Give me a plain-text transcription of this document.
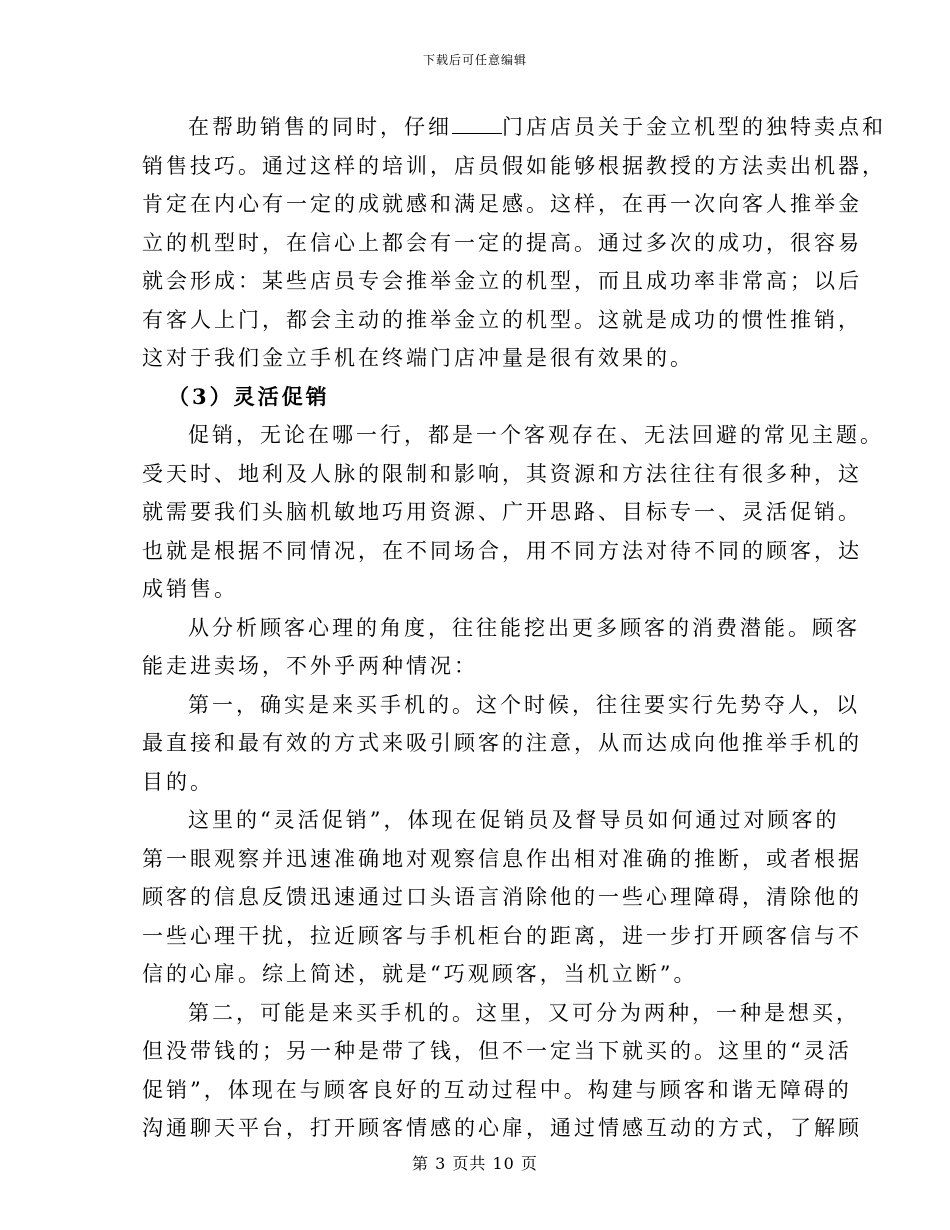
下载后可任意编辑
在帮助销售的同时，仔细 门店店员关于金立机型的独特卖点和
销售技巧。通过这样的培训，店员假如能够根据教授的方法卖出机器，
肯定在内心有一定的成就感和满足感。这样，在再一次向客人推举金
立的机型时，在信心上都会有一定的提高。通过多次的成功，很容易
就会形成：某些店员专会推举金立的机型，而且成功率非常高；以后
有客人上门，都会主动的推举金立的机型。这就是成功的惯性推销，
这对于我们金立手机在终端门店冲量是很有效果的。
（3）灵活促销
促销，无论在哪一行，都是一个客观存在、无法回避的常见主题。
受天时、地利及人脉的限制和影响，其资源和方法往往有很多种，这
就需要我们头脑机敏地巧用资源、广开思路、目标专一、灵活促销。
也就是根据不同情况，在不同场合，用不同方法对待不同的顾客，达
成销售。
从分析顾客心理的角度，往往能挖出更多顾客的消费潜能。顾客
能走进卖场，不外乎两种情况：
第一，确实是来买手机的。这个时候，往往要实行先势夺人，以
最直接和最有效的方式来吸引顾客的注意，从而达成向他推举手机的
目的。
这里的“灵活促销”，体现在促销员及督导员如何通过对顾客的
第一眼观察并迅速准确地对观察信息作出相对准确的推断，或者根据
顾客的信息反馈迅速通过口头语言消除他的一些心理障碍，清除他的
一些心理干扰，拉近顾客与手机柜台的距离，进一步打开顾客信与不
信的心扉。综上简述，就是“巧观顾客，当机立断”。
第二，可能是来买手机的。这里，又可分为两种，一种是想买，
但没带钱的；另一种是带了钱，但不一定当下就买的。这里的“灵活
促销”，体现在与顾客良好的互动过程中。构建与顾客和谐无障碍的
沟通聊天平台，打开顾客情感的心扉，通过情感互动的方式，了解顾
第 3 页共 10 页
